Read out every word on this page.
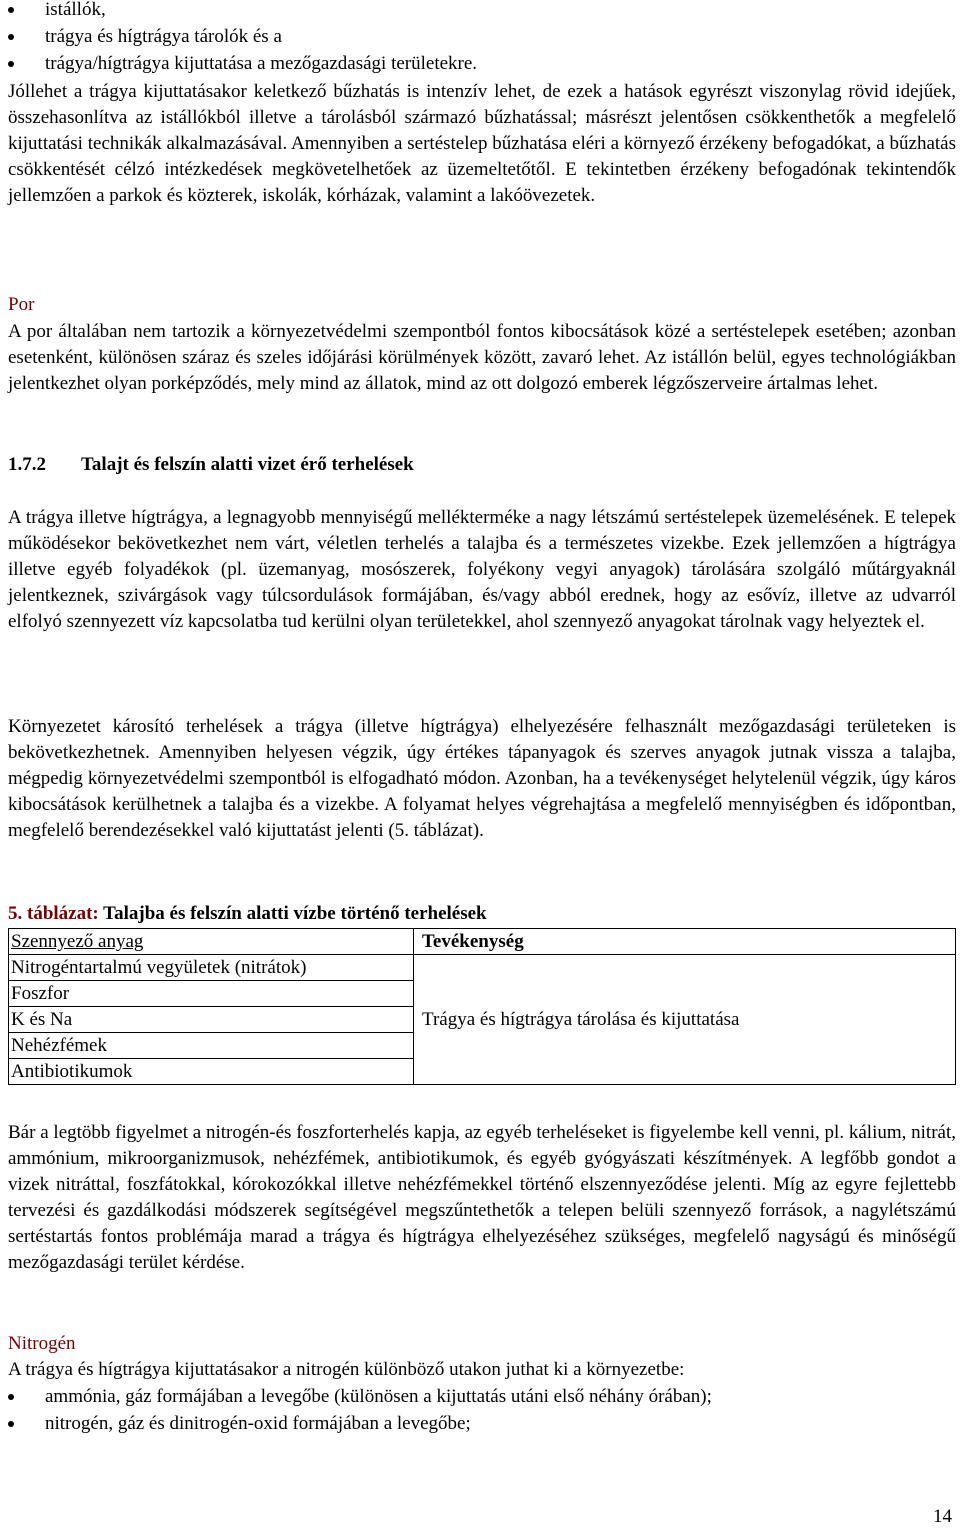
istállók,
trágya és hígtrágya tárolók és a
trágya/hígtrágya kijuttatása a mezőgazdasági területekre.

Jóllehet a trágya kijuttatásakor keletkező bűzhatás is intenzív lehet, de ezek a hatások egyrészt viszonylag rövid idejűek, összehasonlítva az istállókból illetve a tárolásból származó bűzhatással; másrészt jelentősen csökkenthetők a megfelelő kijuttatási technikák alkalmazásával. Amennyiben a sertéstelep bűzhatása eléri a környező érzékeny befogadókat, a bűzhatás csökkentését célzó intézkedések megkövetelhetőek az üzemeltetőtől. E tekintetben érzékeny befogadónak tekintendők jellemzően a parkok és közterek, iskolák, kórházak, valamint a lakóövezetek.

Por

A por általában nem tartozik a környezetvédelmi szempontból fontos kibocsátások közé a sertéstelepek esetében; azonban esetenként, különösen száraz és szeles időjárási körülmények között, zavaró lehet. Az istállón belül, egyes technológiákban jelentkezhet olyan porképződés, mely mind az állatok, mind az ott dolgozó emberek légzőszerveire ártalmas lehet.

1.7.2 Talajt és felszín alatti vizet érő terhelések

A trágya illetve hígtrágya, a legnagyobb mennyiségű mellékterméke a nagy létszámú sertéstelepek üzemelésének. E telepek működésekor bekövetkezhet nem várt, véletlen terhelés a talajba és a természetes vizekbe. Ezek jellemzően a hígtrágya illetve egyéb folyadékok (pl. üzemanyag, mosószerek, folyékony vegyi anyagok) tárolására szolgáló műtárgyaknál jelentkeznek, szivárgások vagy túlcsordulások formájában, és/vagy abból erednek, hogy az esővíz, illetve az udvarról elfolyó szennyezett víz kapcsolatba tud kerülni olyan területekkel, ahol szennyező anyagokat tárolnak vagy helyeztek el.

Környezetet károsító terhelések a trágya (illetve hígtrágya) elhelyezésére felhasznált mezőgazdasági területeken is bekövetkezhetnek. Amennyiben helyesen végzik, úgy értékes tápanyagok és szerves anyagok jutnak vissza a talajba, mégpedig környezetvédelmi szempontból is elfogadható módon. Azonban, ha a tevékenységet helytelenül végzik, úgy káros kibocsátások kerülhetnek a talajba és a vizekbe. A folyamat helyes végrehajtása a megfelelő mennyiségben és időpontban, megfelelő berendezésekkel való kijuttatást jelenti (5. táblázat).

5. táblázat: Talajba és felszín alatti vízbe történő terhelések
Szennyező anyag	Tevékenység
Nitrogéntartalmú vegyületek (nitrátok)	Trágya és hígtrágya tárolása és kijuttatása
Foszfor	
K és Na	
Nehézfémek	
Antibiotikumok	

Bár a legtöbb figyelmet a nitrogén-és foszforterhelés kapja, az egyéb terheléseket is figyelembe kell venni, pl. kálium, nitrát, ammónium, mikroorganizmusok, nehézfémek, antibiotikumok, és egyéb gyógyászati készítmények. A legfőbb gondot a vizek nitráttal, foszfátokkal, kórokozókkal illetve nehézfémekkel történő elszennyeződése jelenti. Míg az egyre fejlettebb tervezési és gazdálkodási módszerek segítségével megszűntethetők a telepen belüli szennyező források, a nagylétszámú sertéstartás fontos problémája marad a trágya és hígtrágya elhelyezéséhez szükséges, megfelelő nagyságú és minőségű mezőgazdasági terület kérdése.

Nitrogén

A trágya és hígtrágya kijuttatásakor a nitrogén különböző utakon juthat ki a környezetbe:

ammónia, gáz formájában a levegőbe (különösen a kijuttatás utáni első néhány órában);
nitrogén, gáz és dinitrogén-oxid formájában a levegőbe;
14
